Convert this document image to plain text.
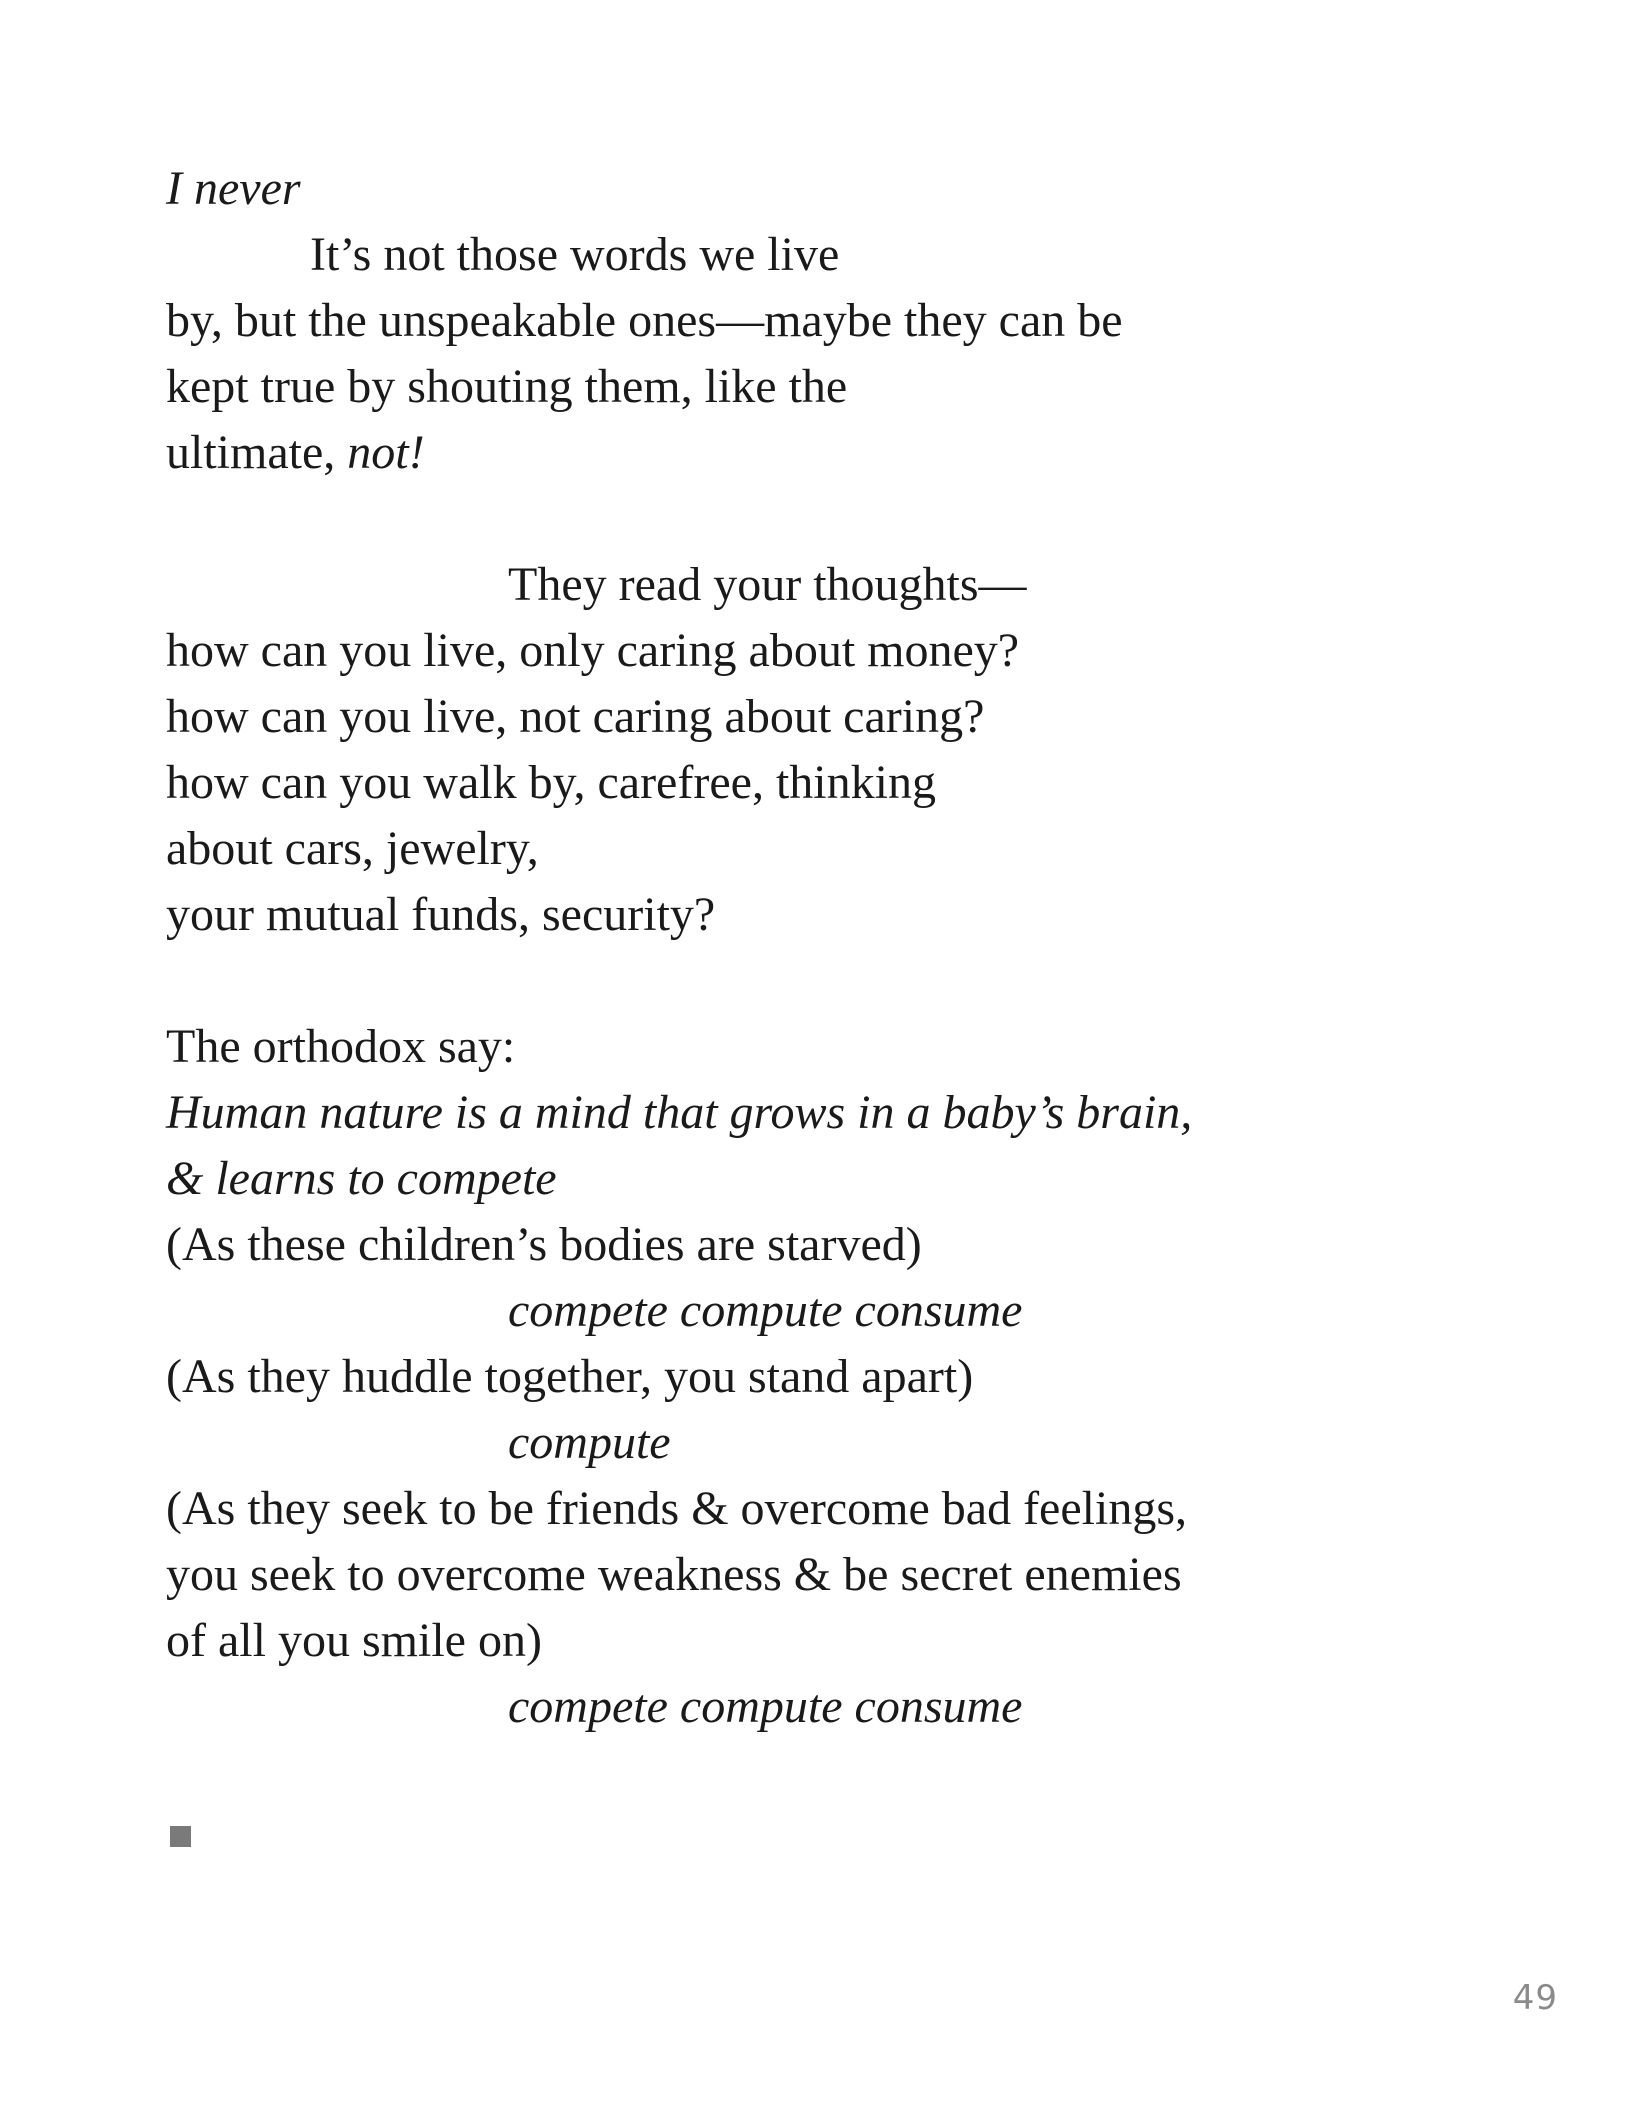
I never
It’s not those words we live
by, but the unspeakable ones—maybe they can be
kept true by shouting them, like the
ultimate, not!
They read your thoughts—
how can you live, only caring about money?
how can you live, not caring about caring?
how can you walk by, carefree, thinking
about cars, jewelry,
your mutual funds, security?
The orthodox say:
Human nature is a mind that grows in a baby’s brain,
& learns to compete
(As these children’s bodies are starved)
compete compute consume
(As they huddle together, you stand apart)
compute
(As they seek to be friends & overcome bad feelings,
you seek to overcome weakness & be secret enemies
of all you smile on)
compete compute consume
49
